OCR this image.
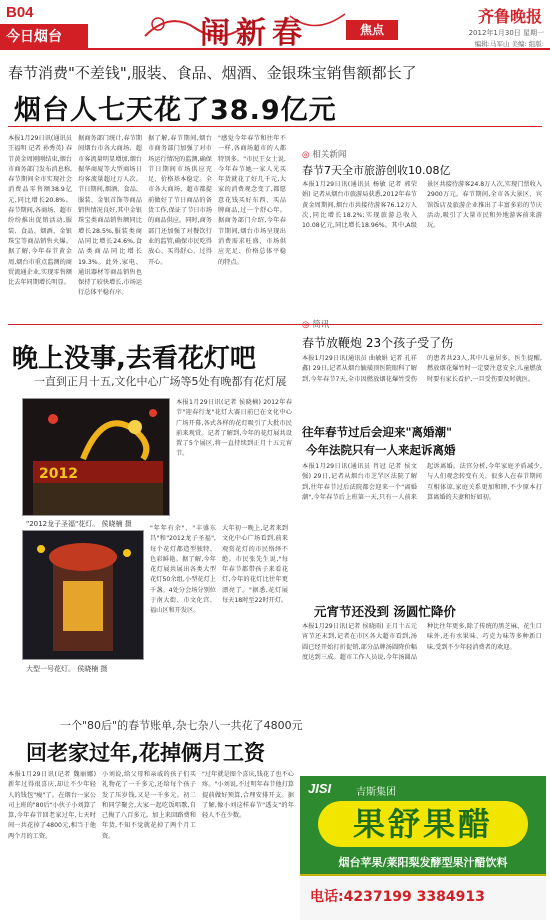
B04
今日烟台	闹新春	焦点
齐鲁晚报
2012年1月30日 星期一
编辑:马军山 美编: 组版:
春节消费"不差钱",服装、食品、烟酒、金银珠宝销售额都长了
烟台人七天花了38.9亿元
本报1月29日讯(通讯员 王福明 记者 孙秀英) 春节黄金周刚刚结束,烟台市商务部门发布消息称,春节期间全市实现社会消费品零售额38.9亿元,同比增长20.8%。春节期间,各商场、超市纷纷推出促销活动,服装、食品、烟酒、金银珠宝等商品销售火爆。据了解,今年春节黄金周,烟台市重点监测的商贸流通企业,实现零售额比去年同期增长明显。
据商务部门统计,春节期间烟台市各大商场、超市客流量明显增加,烟台振华商厦等大型商场日均客流量超过万人次。节日期间,烟酒、食品、服装、金银首饰等商品销售情况良好,其中金银珠宝类商品销售额同比增长28.5%,服装类商品同比增长24.6%,食品类商品同比增长19.3%。此外,家电、通讯器材等商品销售也保持了较快增长,市场运行总体平稳有序。
据了解,春节期间,烟台市商务部门加强了对市场运行情况的监测,确保节日期间市场供应充足、价格基本稳定。全市各大商场、超市都提前做好了节日商品的备货工作,保证了节日市场的商品供应。同时,商务部门还加强了对餐饮行业的监管,确保市民吃得放心、买得舒心、过得开心。
"感觉今年春节和往年不一样,各商场超市的人都特别多。"市民王女士说,今年春节她一家人光买年货就花了好几千元,大家的消费观念变了,都愿意花钱买好东西、买品牌商品,过一个舒心年。据商务部门介绍,今年春节期间,烟台市场呈现出消费需求旺盛、市场供应充足、价格总体平稳的特点。
◎ 相关新闻
春节7天全市旅游创收10.08亿
本报1月29日讯(通讯员 杨敏 记者 郭荣娟) 记者从烟台市旅游局获悉,2012年春节黄金周期间,烟台市共接待游客76.12万人次,同比增长18.2%;实现旅游总收入10.08亿元,同比增长18.96%。其中,A级景区共接待游客24.8万人次,实现门票收入2900万元。春节期间,全市各大景区、宾馆饭店及旅游企业推出了丰富多彩的节庆活动,吸引了大量市民和外地游客前来游玩。
◎ 简讯
春节放鞭炮 23个孩子受了伤
本报1月29日讯(通讯员 曲敏娟 记者 孔祥鑫) 29日,记者从烟台毓璜顶医院眼科了解到,今年春节7天,全市因燃放烟花爆竹受伤的患者共23人,其中儿童居多。医生提醒,燃放烟花爆竹时一定要注意安全,儿童燃放时要有家长看护,一旦受伤要及时就医。
往年春节过后会迎来"离婚潮"
今年法院只有一人来起诉离婚
本报1月29日讯(通讯员 肖冠 记者 侯文强) 29日,记者从烟台市芝罘区法院了解到,往年春节过后法院都会迎来一个"离婚潮",今年春节后上班第一天,只有一人前来起诉离婚。法官分析,今年家庭矛盾减少,与人们观念转变有关。很多人在春节期间互相体谅,家庭关系更加和睦,不少原本打算离婚的夫妻和好如初。
元宵节还没到 汤圆忙降价
本报1月29日讯(记者 侯晓雨) 正月十五元宵节还未到,记者在市区各大超市看到,汤圆已经开始打折促销,部分品牌汤圆降价幅度达到三成。超市工作人员说,今年汤圆品种比往年更多,除了传统的黑芝麻、花生口味外,还有水果味、巧克力味等多种新口味,受到不少年轻消费者的欢迎。
晚上没事,去看花灯吧
一直到正月十五,文化中心广场等5处有晚都有花灯展
2012
"2012龙子圣福"花灯。 侯晓楠 摄
大型一号花灯。 侯晓楠 摄
本报1月29日讯(记者 侯晓楠) 2012年春节"迎春行龙"花灯大赛日前已在文化中心广场开幕,各式各样的花灯吸引了大批市民前来观赏。记者了解到,今年的花灯展共设置了5个展区,将一直持续到正月十五元宵节。
"年年有余"、"丰盛东昌"和"2012龙子圣福",每个花灯都造型独特、色彩鲜艳。据了解,今年花灯展共展出各类大型花灯50余组,小型花灯上千盏。4处分会场分别位于南大街、市文化宫、福山区和开发区。
大年初一晚上,记者来到文化中心广场看到,前来观赏花灯的市民络绎不绝。市民张先生说,"每年春节都带孩子来看花灯,今年的花灯比往年更漂亮了。"据悉,花灯展每天18时至22时开灯。
一个"80后"的春节账单,杂七杂八一共花了4800元
回老家过年,花掉俩月工资
本报1月29日讯(记者 魏丽娜) 新年过得很喜庆,却让不少年轻人的钱包"瘦"了。在烟台一家公司上班的"80后"小伙子小刘算了算,今年春节回老家过年,七天时间一共花掉了4800元,相当于他两个月的工资。
小刘说,给父母和亲戚的孩子们买礼物花了一千多元,还给每个孩子发了压岁钱,又是一千多元。初二和同学聚会,大家一起吃饭唱歌,自己掏了八百多元。加上来回路费和年货,不知不觉就花掉了两个月工资。
"过年就是图个喜庆,钱花了也不心疼。"小刘说,不过明年春节他打算提前做好预算,合理安排开支。据了解,像小刘这样春节"透支"的年轻人不在少数。
JISI 吉斯集团
果舒果醋
烟台苹果/莱阳梨发酵型果汁醋饮料
电话:4237199 3384913
